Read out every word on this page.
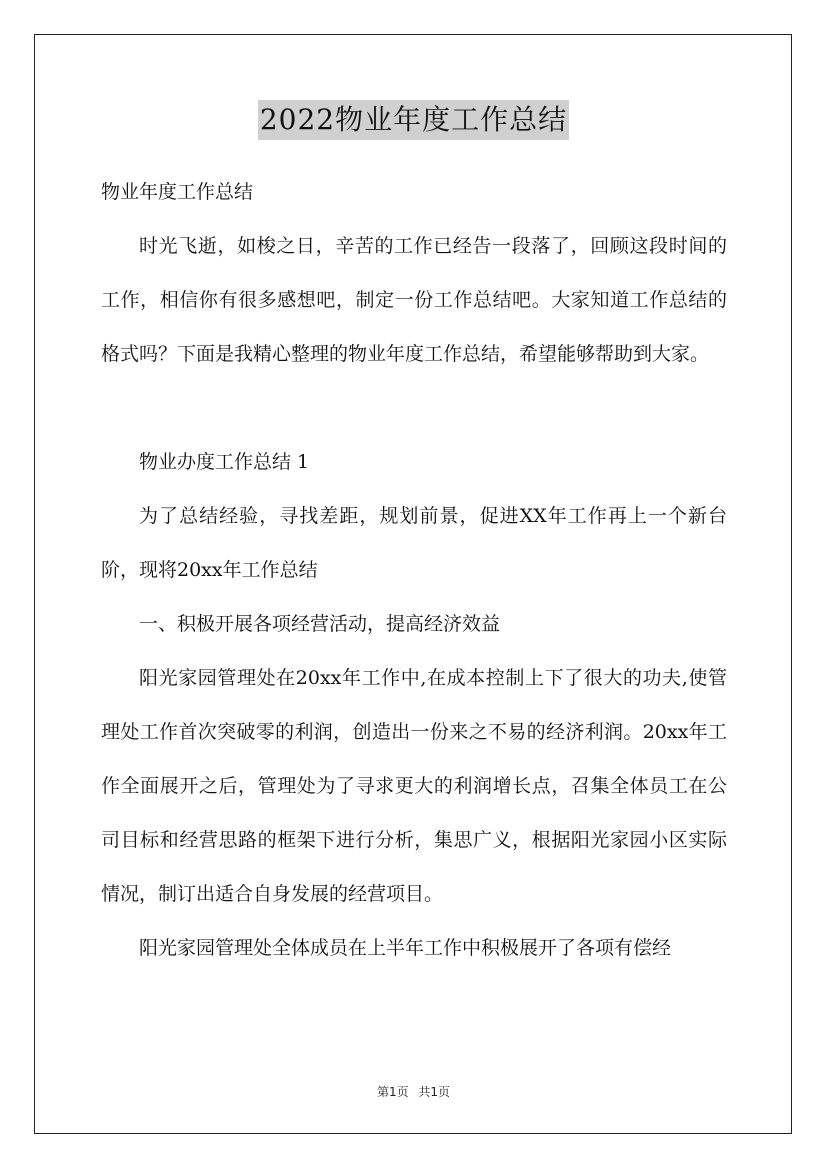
2022物业年度工作总结

物业年度工作总结

时光飞逝，如梭之日，辛苦的工作已经告一段落了，回顾这段时间的工作，相信你有很多感想吧，制定一份工作总结吧。大家知道工作总结的格式吗？下面是我精心整理的物业年度工作总结，希望能够帮助到大家。

物业办度工作总结 1

为了总结经验，寻找差距，规划前景，促进XX年工作再上一个新台阶，现将20xx年工作总结

一、积极开展各项经营活动，提高经济效益

阳光家园管理处在20xx年工作中,在成本控制上下了很大的功夫,使管理处工作首次突破零的利润，创造出一份来之不易的经济利润。20xx年工作全面展开之后，管理处为了寻求更大的利润增长点，召集全体员工在公司目标和经营思路的框架下进行分析，集思广义，根据阳光家园小区实际情况，制订出适合自身发展的经营项目。

阳光家园管理处全体成员在上半年工作中积极展开了各项有偿经

第1页 共1页
